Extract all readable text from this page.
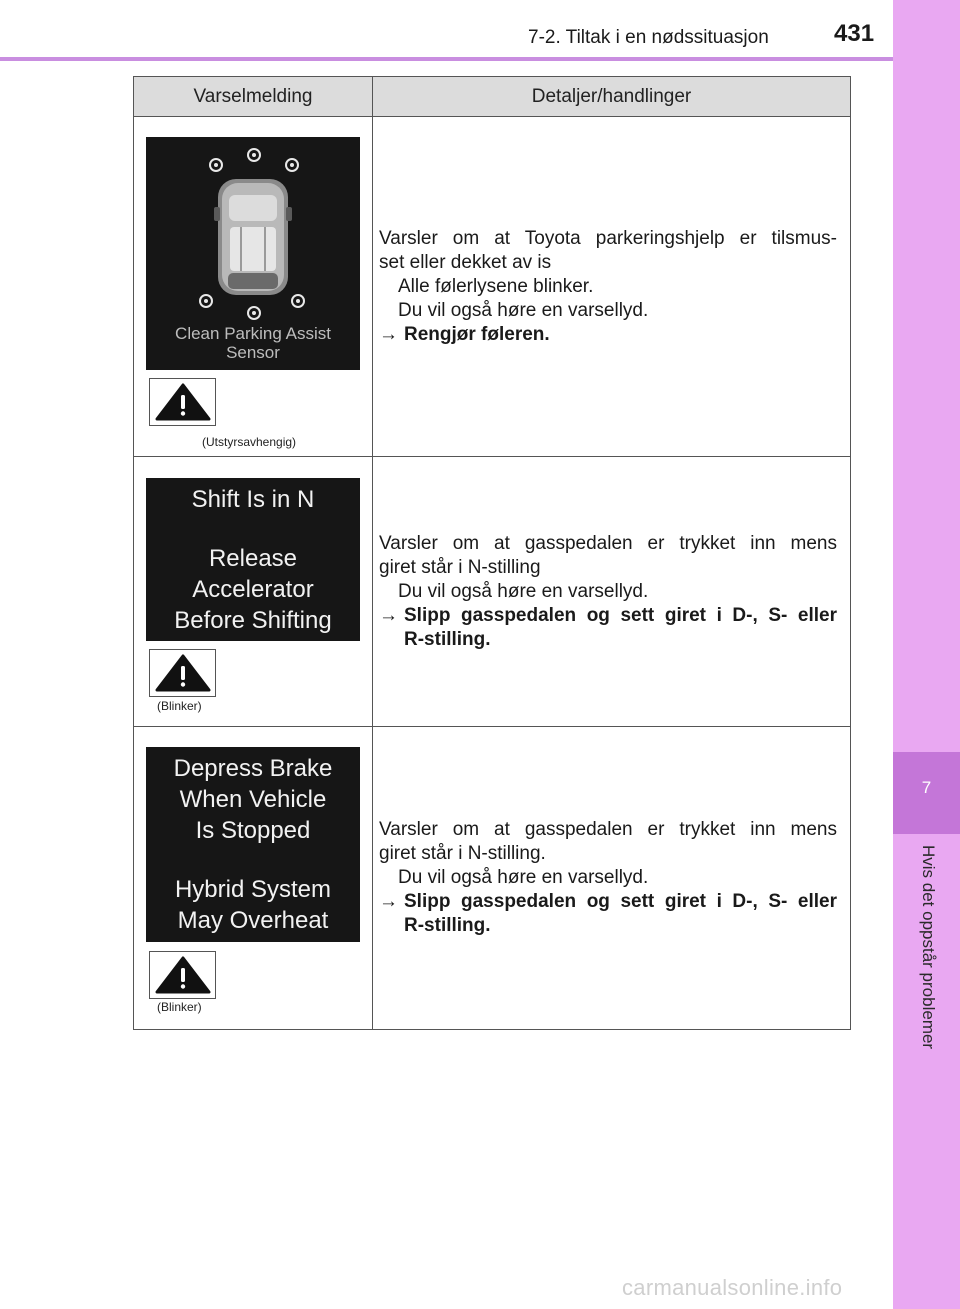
7-2. Tiltak i en nødssituasjon	431
7
Hvis det oppstår problemer
Varselmelding	Detaljer/handlinger
Clean Parking Assist
Sensor
(Utstyrsavhengig)
Varsler om at Toyota parkeringshjelp er tilsmus-
set eller dekket av is
Alle følerlysene blinker.
Du vil også høre en varsellyd.
→ Rengjør føleren.
Shift Is in N
Release
Accelerator
Before Shifting
(Blinker)
Varsler om at gasspedalen er trykket inn mens
giret står i N-stilling
Du vil også høre en varsellyd.
→ Slipp gasspedalen og sett giret i D-, S- eller
R-stilling.
Depress Brake
When Vehicle
Is Stopped
Hybrid System
May Overheat
(Blinker)
Varsler om at gasspedalen er trykket inn mens
giret står i N-stilling.
Du vil også høre en varsellyd.
→ Slipp gasspedalen og sett giret i D-, S- eller
R-stilling.
carmanualsonline.info
